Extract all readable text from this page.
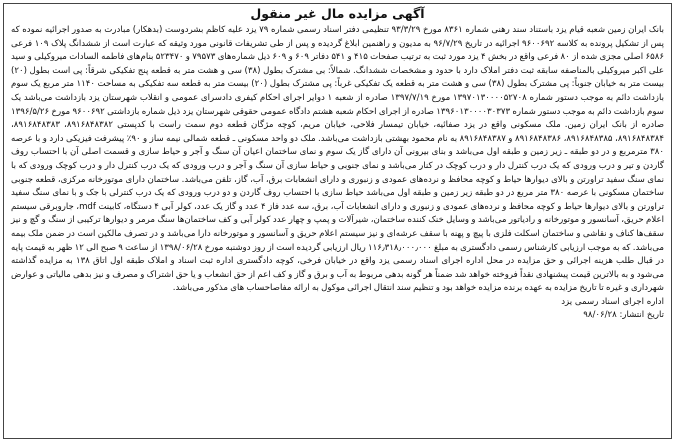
آگهی مزایده مال غیر منقول

بانک ایران زمین شعبه قیام یزد باستناد سند رهنی شماره ۸۳۶۱ مورخ ۹۳/۳/۲۹ تنظیمی دفتر اسناد رسمی شماره ۷۹ یزد علیه کاظم بشردوست (بدهکار) مبادرت به صدور اجرائیه نموده که پس از تشکیل پرونده به کلاسه ۹۶۰۰۶۹۲ اجرائیه در تاریخ ۹۶/۷/۲۹ به مدیون و راهنمین ابلاغ گردیده و پس از طی تشریفات قانونی مورد وثیقه که عبارت است از ششدانگ پلاک ۱۰۹ فرعی ۶۵۸۶ اصلی مجزی شده از ۸۰ فرعی واقع در بخش ۴ یزد مورد ثبت به ترتیب صفحات ۴۱۵ و ۵۴۱ دفاتر ۶۰۹ و ۶۰۹ ذیل شماره‌های ۷۹۵۷۳ و ۵۲۳۴۷۰ بنام‌های فاطمه السادات میروکیلی و سید علی اکبر میروکیلی بالمناصفه سابقه ثبت دفتر املاک دارد با حدود و مشخصات ششدانگ. شمالاً: بی مشترک بطول (۳۸) سی و هشت متر به قطعه پنج تفکیکی شرقاً: پی است بطول (۲۰) بیست متر به خیابان جنوباً: پی مشترک بطول (۳۸) سی و هشت متر به قطعه یک تفکیکی غرباً: پی مشترک بطول (۲۰) بیست متر به قطعه سه تفکیکی به مساحت ۱۱۴۰ متر مربع یک سوم بازداشت دائم به موجب دستور شماره ۱۳۹۷۰۱۳۰۰۰۰۵۲۷۰۸ مورخ ۱۳۹۷/۷/۱۹ صادره از شعبه ۱ دوایر اجرای احکام کیفری دادسرای عمومی و انقلاب شهرستان یزد بازداشت می‌باشد یک سوم بازداشت دائم به موجب دستور شماره ۱۳۹۶۰۱۳۰۰۰۰۳۰۳۷۳ صادره از اجرای احکام شعبه هشتم دادگاه عمومی حقوقی شهرستان یزد ذیل شماره بازداشتی ۹۶۰۰۶۹۲ مورخ ۱۳۹۶/۵/۲۶ صادره از بانک ایران زمین. ملک مسکونی واقع در یزد صفائیه، خیابان تیمسار فلاحی، خیابان مریم، کوچه مژگان قطعه دوم سمت راست با کدپستی ۸۹۱۶۸۴۸۳۸۲، ۸۹۱۶۸۴۸۳۸۳، ۸۹۱۶۸۴۸۳۸۴، ۸۹۱۶۸۴۸۳۸۵، ۸۹۱۶۸۴۸۳۸۶ و ۸۹۱۶۸۴۸۳۸۷ به نام محمود بهشتی بازداشت می‌باشد. ملک دو واحد مسکونی ـ قطعه شمالی نیمه ساز و ۹۰٪ پیشرفت فیزیکی دارد و با عرصه ۳۸۰ مترمربع و در دو طبقه ـ زیر زمین و طبقه اول می‌باشد و بنای بیرونی آن دارای گاز یک سوم و نمای ساختمان اعیان آن سنگ و آجر و حیاط سازی و قسمت اصلی آن با احتساب روف گاردن و تیر و درب ورودی که یک درب کنترل دار و درب کوچک در کنار می‌باشد و نمای جنوبی و حیاط سازی آن سنگ و آجر و درب ورودی که یک درب کنترل دار و درب کوچک ورودی که با نمای سنگ سفید تراورتن و بالای دیوارها حیاط و کوچه محافظ و نرده‌های عمودی و زنبوری و دارای انشعابات برق، آب، گاز، تلفن می‌باشد. ساختمان دارای موتورخانه مرکزی، قطعه جنوبی ساختمان مسکونی با عرصه ۳۸۰ متر مربع در دو طبقه زیر زمین و طبقه اول می‌باشد حیاط سازی با احتساب روف گاردن و دو درب ورودی که یک درب کنترلی با جک و با نمای سنگ سفید تراورتن و بالای دیوارها حیاط و کوچه محافظ و نرده‌های عمودی و زنبوری و دارای انشعابات آب، برق، سه عدد فاز ۴ عدد و گاز یک عدد، کولر آبی ۴ دستگاه، کابینت mdf، جاروبرقی سیستم اعلام حریق، آسانسور و موتورخانه و رادیاتور می‌باشد و وسایل خنک کننده ساختمان، شیرآلات و پمپ و چهار عدد کولر آبی و کف ساختمان‌ها سنگ مرمر و دیوارها ترکیبی از سنگ و گچ و نیز سقف‌ها کناف و نقاشی و ساختمان اسکلت فلزی با پیچ و پهنه با سقف عرشه‌ای و نیز سیستم اعلام حریق و آسانسور و موتورخانه دارا می‌باشد و در تصرف مالکین است در ضمن ملک بیمه می‌باشد. که به موجب ارزیابی کارشناس رسمی دادگستری به مبلغ ۱۱۶٫۳۱۸٫۰۰۰٫۰۰۰ ریال ارزیابی گردیده است از روز دوشنبه مورخ ۱۳۹۸/۰۶/۲۸ از ساعت ۹ صبح الی ۱۲ ظهر به قیمت پایه در قبال طلب هزینه اجرائی و حق مزایده در محل اداره اجرای اسناد رسمی یزد واقع در خیابان فرخی، کوچه دادگستری اداره ثبت اسناد و املاک طبقه اول اتاق ۱۳۸ به مزایده گذاشته می‌شود و به بالاترین قیمت پیشنهادی نقداً فروخته خواهد شد ضمناً هر گونه بدهی مربوط به آب و برق و گاز و کف اعم از حق انشعاب و یا حق اشتراک و مصرف و نیز بدهی مالیاتی و عوارض شهرداری و غیره تا تاریخ مزایده به عهده برنده مزایده خواهد بود و تنظیم سند انتقال اجرائی موکول به ارائه مفاصاحساب های مذکور می‌باشد.

اداره اجرای اسناد رسمی یزد
تاریخ انتشار: ۹۸/۰۶/۲۸
